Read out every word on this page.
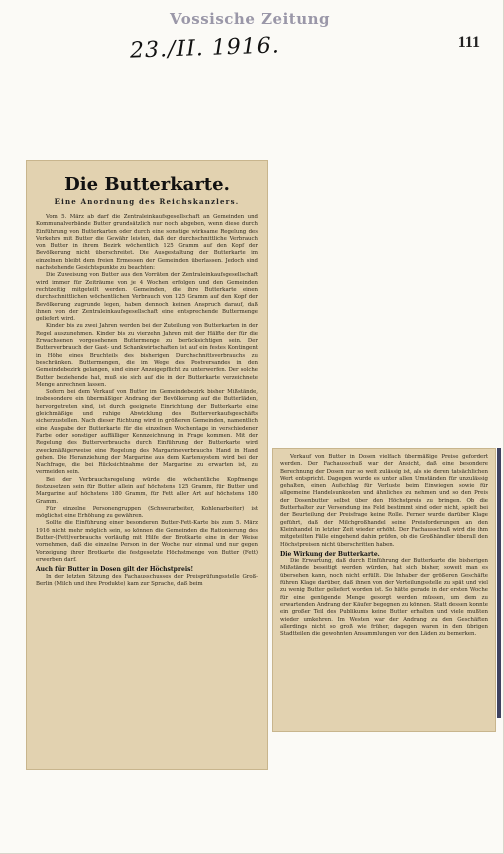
Vossische Zeitung
111
23./II. 1916.
Die Butterkarte.
Eine Anordnung des Reichskanzlers.

Vom 5. März ab darf die Zentraleinkaufsgesellschaft an Gemeinden und Kommunalverbände Butter grundsätzlich nur noch abgeben, wenn diese durch Einführung von Butterkarten oder durch eine sonstige wirksame Regelung des Verkehrs mit Butter die Gewähr leisten, daß der durchschnittliche Verbrauch von Butter in ihrem Bezirk wöchentlich 125 Gramm auf den Kopf der Bevölkerung nicht überschreitet. Die Ausgestaltung der Butterkarte im einzelnen bleibt dem freien Ermessen der Gemeinden überlassen. Jedoch sind nachstehende Gesichtspunkte zu beachten:

Die Zuweisung von Butter aus den Vorräten der Zentraleinkaufsgesellschaft wird immer für Zeiträume von je 4 Wochen erfolgen und den Gemeinden rechtzeitig mitgeteilt werden. Gemeinden, die ihre Butterkarte einen durchschnittlichen wöchentlichen Verbrauch von 125 Gramm auf den Kopf der Bevölkerung zugrunde legen, haben dennoch keinen Anspruch darauf, daß ihnen von der Zentraleinkaufsgesellschaft eine entsprechende Buttermenge geliefert wird.

Kinder bis zu zwei Jahren werden bei der Zuteilung von Butterkarten in der Regel auszunehmen. Kinder bis zu vierzehn Jahren mit der Hälfte der für die Erwachsenen vorgesehenen Buttermenge zu berücksichtigen sein. Der Butterverbrauch der Gast- und Schankwirtschaften ist auf ein festes Kontingent in Höhe eines Bruchteils des bisherigen Durchschnittsverbrauchs zu beschränken. Buttermengen, die im Wege des Postversandes in den Gemeindebezirk gelangen, sind einer Anzeigepflicht zu unterwerfen. Der solche Butter beziehende hat, muß sie sich auf die in der Butterkarte verzeichnete Menge anrechnen lassen.

Sofern bei dem Verkauf von Butter im Gemeindebezirk bisher Mißstände, insbesondere ein übermäßiger Andrang der Bevölkerung auf die Butterläden, hervorgetreten sind, ist durch geeignete Einrichtung der Butterkarte eine gleichmäßige und ruhige Abwicklung des Butterverkaufsgeschäfts sicherzustellen. Nach dieser Richtung wird in größeren Gemeinden, namentlich eine Ausgabe der Butterkarte für die einzelnen Wochentage in verschiedener Farbe oder sonstiger auffälliger Kennzeichnung in Frage kommen. Mit der Regelung des Butterverbrauchs durch Einführung der Butterkarte wird zweckmäßigerweise eine Regelung des Margarineverbrauchs Hand in Hand gehen. Die Heranziehung der Margarine aus dem Kartensystem wird bei der Nachfrage, die bei Rücksichtnahme der Margarine zu erwarten ist, zu vermeiden sein.

Bei der Verbrauchsregelung würde die wöchentliche Kopfmenge festzusetzen sein für Butter allein auf höchstens 125 Gramm, für Butter und Margarine auf höchstens 180 Gramm, für Fett aller Art auf höchstens 180 Gramm.

Für einzelne Personengruppen (Schwerarbeiter, Kohlenarbeiter) ist möglichst eine Erhöhung zu gewähren.

Sollte die Einführung einer besonderen Butter-Fett-Karte bis zum 5. März 1916 nicht mehr möglich sein, so können die Gemeinden die Rationierung des Butter-(Fett)verbrauchs vorläufig mit Hilfe der Brotkarte eine in der Weise vornehmen, daß die einzelne Person in der Woche nur einmal und nur gegen Vorzeigung ihrer Brotkarte die festgesetzte Höchstmenge von Butter (Fett) erwerben darf.

Auch für Butter in Dosen gilt der Höchstpreis!

In der letzten Sitzung des Fachausschusses der Preisprüfungsstelle Groß-Berlin (Milch und ihre Produkte) kam zur Sprache, daß beim

Verkauf von Butter in Dosen vielfach übermäßige Preise gefordert werden. Der Fachausschuß war der Ansicht, daß eine besondere Berechnung der Dosen nur so weit zulässig ist, als sie deren tatsächlichen Wert entspricht. Dagegen wurde es unter allen Umständen für unzulässig gehalten, einen Aufschlag für Verluste beim Einwiegen sowie für allgemeine Handelsunkosten und ähnliches zu nehmen und so den Preis der Dosenbutter selbst über den Höchstpreis zu bringen. Ob die Butterhalter zur Versendung ins Feld bestimmt sind oder nicht, spielt bei der Beurteilung der Preisfrage keine Rolle. Ferner wurde darüber Klage geführt, daß der Milchgroßhandel seine Preisforderungen an den Kleinhandel in letzter Zeit wieder erhöht. Der Fachausschuß wird die ihm mitgeteilten Fälle eingehend dahin prüfen, ob die Großhändler überall den Höchstpreisen nicht überschritten haben.

Die Wirkung der Butterkarte.

Die Erwartung, daß durch Einführung der Butterkarte die bisherigen Mißstände beseitigt werden würden, hat sich bisher, soweit man es übersehen kann, noch nicht erfüllt. Die Inhaber der größeren Geschäfte führen Klage darüber, daß ihnen von der Verteilungsstelle zu spät und viel zu wenig Butter geliefert worden ist. So hätte gerade in der ersten Woche für eine genügende Menge gesorgt werden müssen, um dem zu erwartenden Andrang der Käufer begegnen zu können. Statt dessen konnte ein großer Teil des Publikums keine Butter erhalten und viele mußten wieder umkehren. Im Westen war der Andrang zu den Geschäften allerdings nicht so groß wie früher, dagegen waren in den übrigen Stadtteilen die gewohnten Ansammlungen vor den Läden zu bemerken.
